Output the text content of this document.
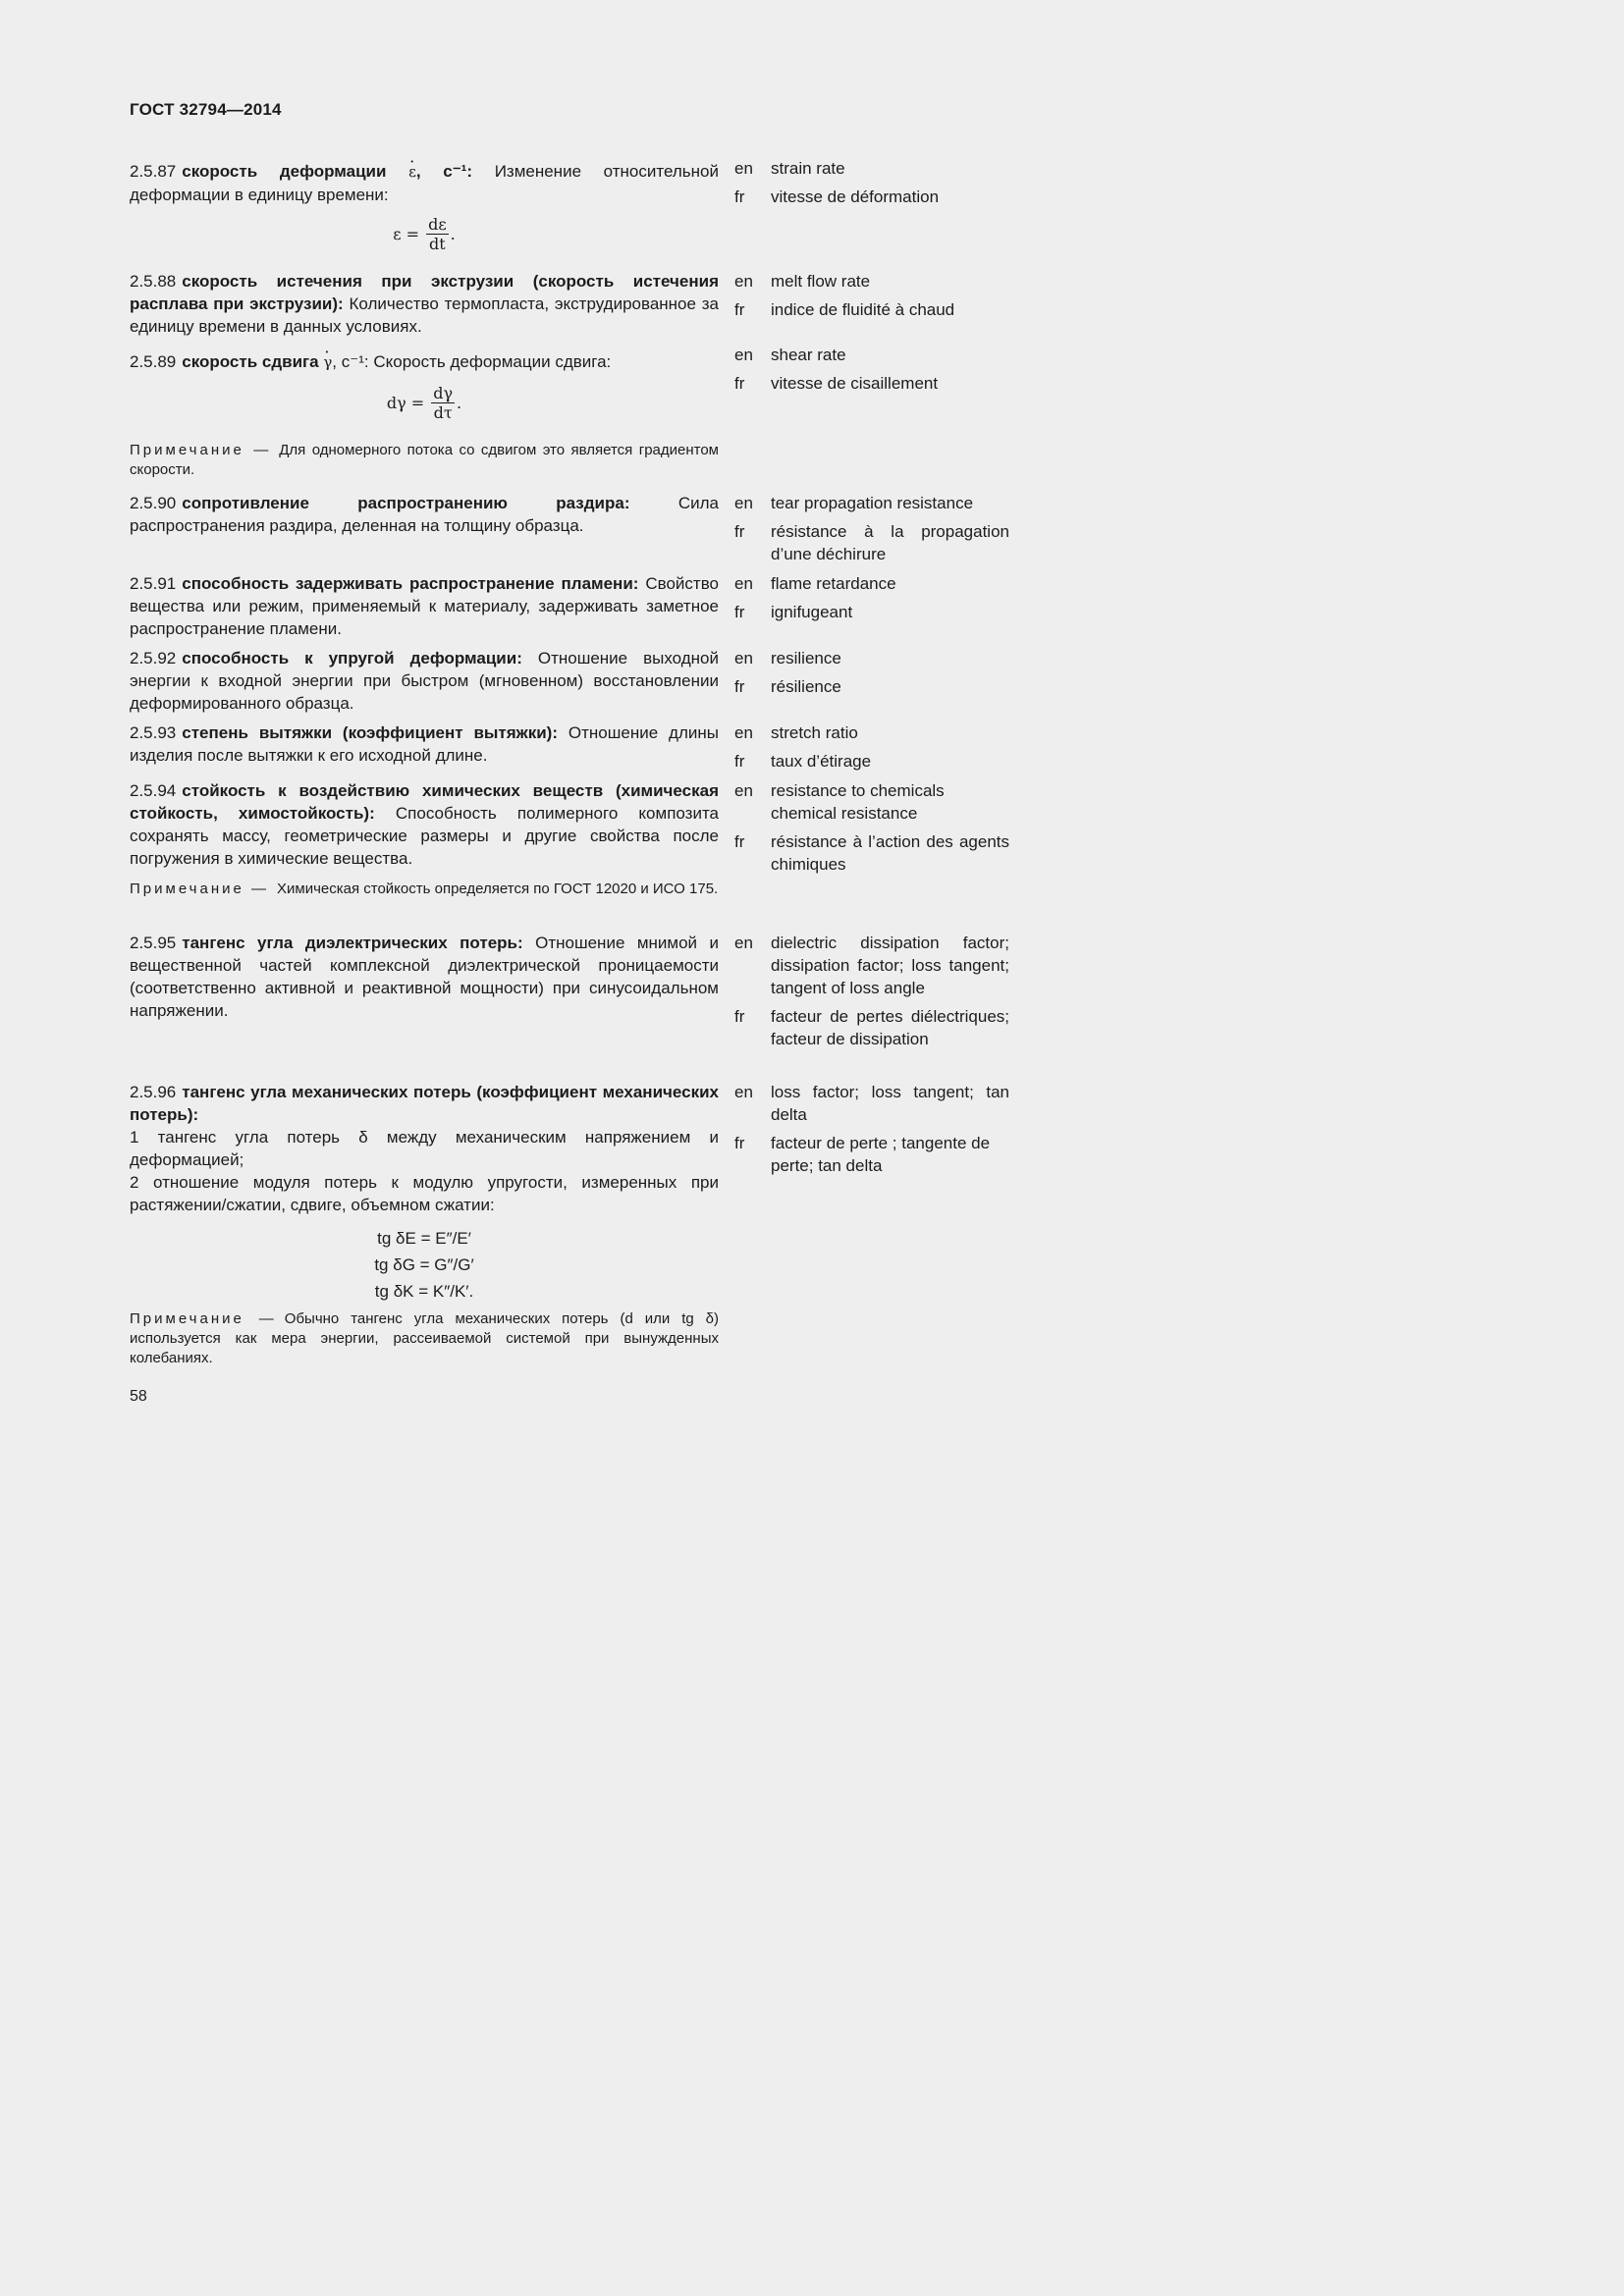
ГОСТ 32794—2014
2.5.87 скорость деформации · ε, с⁻¹: Изменение относительной деформации в единицу времени:
$\varepsilon = \frac{d\varepsilon}{dt}$ .
en	strain rate
fr	vitesse de déformation
2.5.88 скорость истечения при экструзии (скорость истечения расплава при экструзии): Количество термопласта, экструдированное за единицу времени в данных условиях.
en	melt flow rate
fr	indice de fluidité à chaud
2.5.89 скорость сдвига · γ, с⁻¹: Скорость деформации сдвига:
$d\gamma = \frac{d\gamma}{d\tau}$ .
Примечание — Для одномерного потока со сдвигом это является градиентом скорости.
en	shear rate
fr	vitesse de cisaillement
2.5.90 сопротивление распространению раздира:	Сила распространения раздира, деленная на толщину образца.
en	tear propagation resistance
fr	résistance à la propagation d’une déchirure
2.5.91 способность задерживать распространение пламени: Свойство вещества или режим, применяемый к материалу, задерживать заметное распространение пламени.
en	flame retardance
fr	ignifugeant
2.5.92 способность к упругой деформации: Отношение выходной энергии к входной энергии при быстром (мгновенном) восстановлении деформированного образца.
en	resilience
fr	résilience
2.5.93 степень вытяжки (коэффициент вытяжки): Отношение длины изделия после вытяжки к его исходной длине.
en	stretch ratio
fr	taux d’étirage
2.5.94 стойкость к воздействию химических веществ (химическая стойкость, химостойкость): Способность полимерного композита сохранять массу, геометрические размеры и другие свойства после погружения в химические вещества.
Примечание — Химическая стойкость определяется по ГОСТ 12020 и ИСО 175.
en	resistance to chemicals chemical resistance
fr	résistance à l’action des agents chimiques
2.5.95 тангенс угла диэлектрических потерь: Отношение мнимой и вещественной частей комплексной диэлектрической проницаемости (соответственно активной и реактивной мощности) при синусоидальном напряжении.
en	dielectric dissipation factor; dissipation factor; loss tangent; tangent of loss angle
fr	facteur de pertes diélectriques; facteur de dissipation
2.5.96 тангенс угла механических потерь (коэффициент механических потерь):
1 тангенс угла потерь δ между механическим напряжением и деформацией;
2 отношение модуля потерь к модулю упругости, измеренных при растяжении/сжатии, сдвиге, объемном сжатии:
tg δE = E″/E′
tg δG = G″/G′
tg δK = K″/K′.
Примечание — Обычно тангенс угла механических потерь (d или tg δ) используется как мера энергии, рассеиваемой системой при вынужденных колебаниях.
en	loss factor; loss tangent; tan delta
fr	facteur de perte ; tangente de perte; tan delta
58
